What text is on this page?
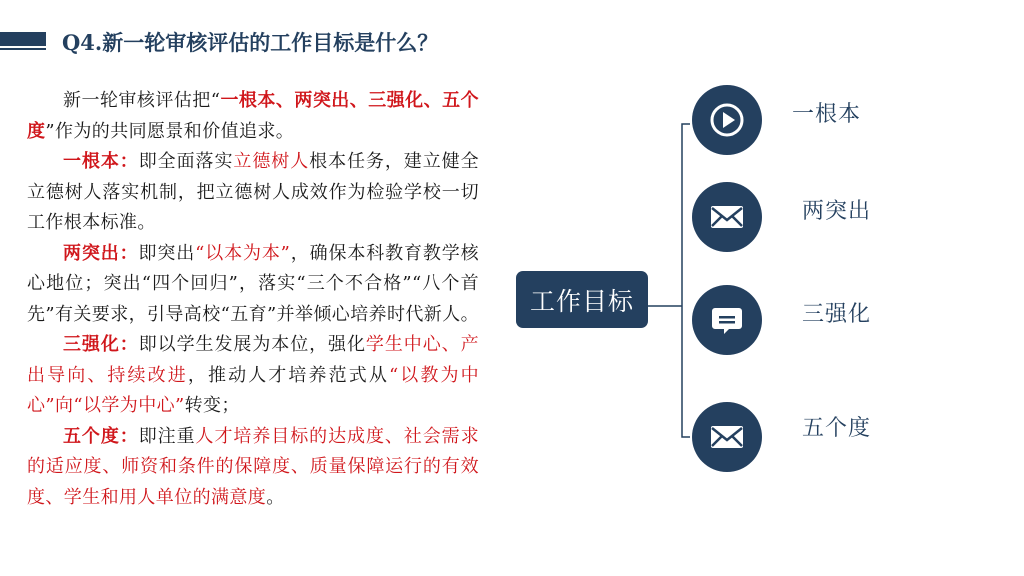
Q4.新一轮审核评估的工作目标是什么？

新一轮审核评估把“一根本、两突出、三强化、五个度”作为的共同愿景和价值追求。

一根本：即全面落实立德树人根本任务，建立健全立德树人落实机制，把立德树人成效作为检验学校一切工作根本标准。

两突出：即突出“以本为本”，确保本科教育教学核心地位；突出“四个回归”，落实“三个不合格”“八个首先”有关要求，引导高校“五育”并举倾心培养时代新人。

三强化：即以学生发展为本位，强化学生中心、产出导向、持续改进，推动人才培养范式从“以教为中心”向“以学为中心”转变；

五个度：即注重人才培养目标的达成度、社会需求的适应度、师资和条件的保障度、质量保障运行的有效度、学生和用人单位的满意度。

工作目标
一根本
两突出
三强化
五个度
